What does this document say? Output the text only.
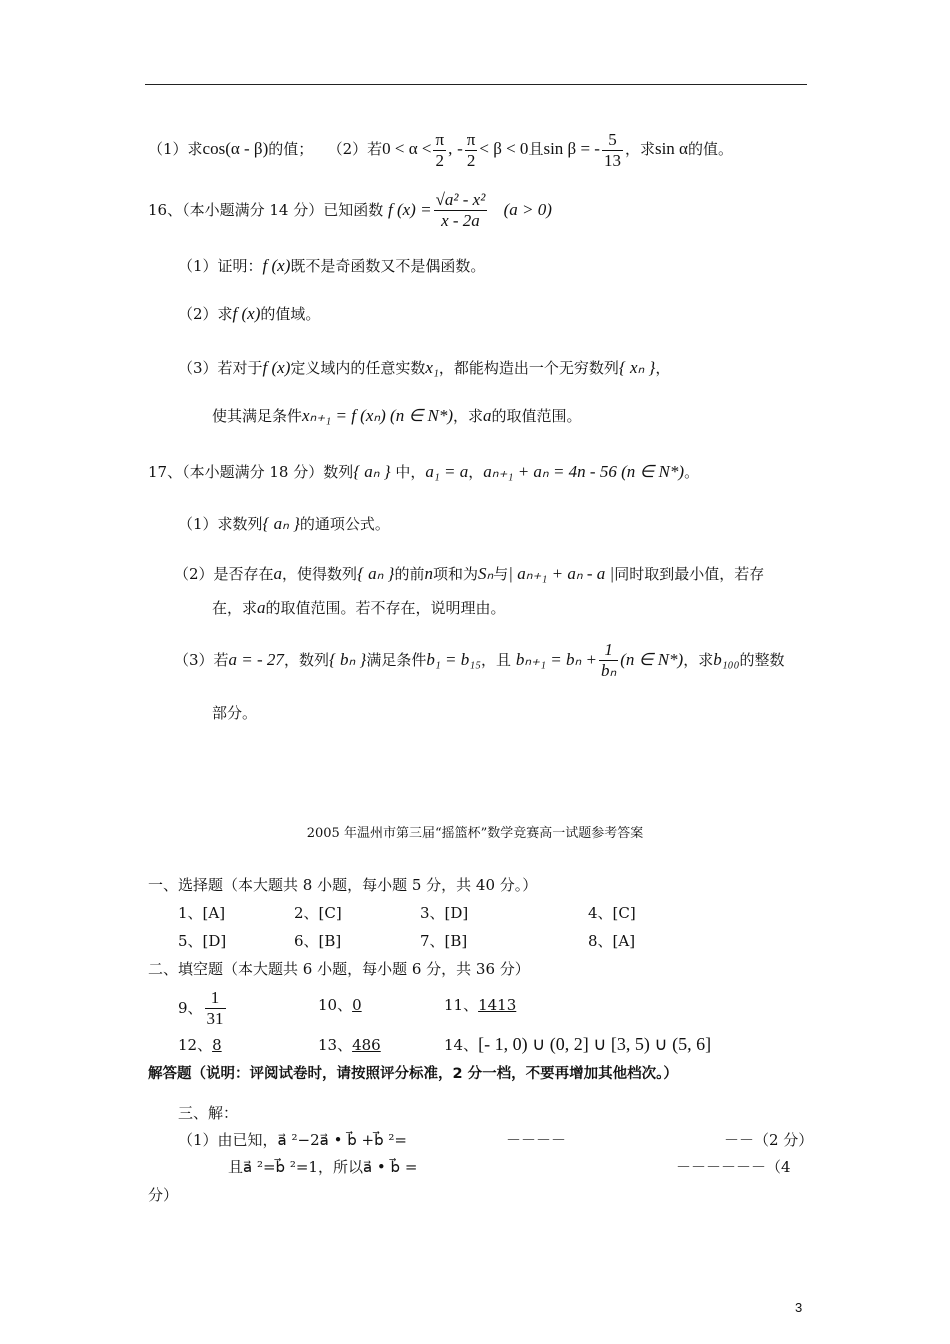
（1）求cos(α - β)的值； （2）若$0 < \alpha < \frac{\pi}{2}$ , - $\frac{\pi}{2} < \beta < 0$且sin β = - $\frac{5}{13}$ ，求sin α的值。
16、（本小题满分 14 分）已知函数 f $(x) = \frac{\text{√a² - x²}}{x - 2a} (a > 0)$
（1）证明：f (x)既不是奇函数又不是偶函数。
（2）求f (x)的值域。
（3）若对于f (x)定义域内的任意实数x₁，都能构造出一个无穷数列{ xₙ }，
使其满足条件xₙ₊₁ = f (xₙ) (n ∈ N*)，求a的取值范围。
17、（本小题满分 18 分）数列{ aₙ } 中，a₁ = a，aₙ₊₁ + aₙ = 4n - 56 (n ∈ N*)。
（1）求数列{ aₙ }的通项公式。
（2）是否存在a，使得数列{ aₙ }的前n项和为Sₙ与| aₙ₊₁ + aₙ - a |同时取到最小值，若存
在，求a的取值范围。若不存在，说明理由。
（3）若a = - 27，数列{ bₙ }满足条件b₁ = b₁₅，且 $b_{n+1} = b_n + \frac{1}{\text{bₙ}} (n$ ∈ N*)，求b₁₀₀的整数
部分。
2005 年温州市第三届“摇篮杯”数学竞赛高一试题参考答案
一、选择题（本大题共 8 小题，每小题 5 分，共 40 分。）
1、[A]	2、[C]	3、[D]	4、[C]
5、[D]	6、[B]	7、[B]	8、[A]
二、填空题（本大题共 6 小题，每小题 6 分，共 36 分）
9、 $\frac{1}{31}$	10、0	11、1413
12、8	13、486	14、[- 1, 0) ∪ (0, 2] ∪ [3, 5) ∪ (5, 6]
解答题（说明：评阅试卷时，请按照评分标准，2 分一档，不要再增加其他档次。）
三、解：
（1）由已知，a⃗ ²−2a⃗ • b⃗ +b⃗ ²=	－－－－	－－（2 分）
且a⃗ ²=b⃗ ²=1，所以a⃗ • b⃗ =	－－－－－－（4
分）
3
